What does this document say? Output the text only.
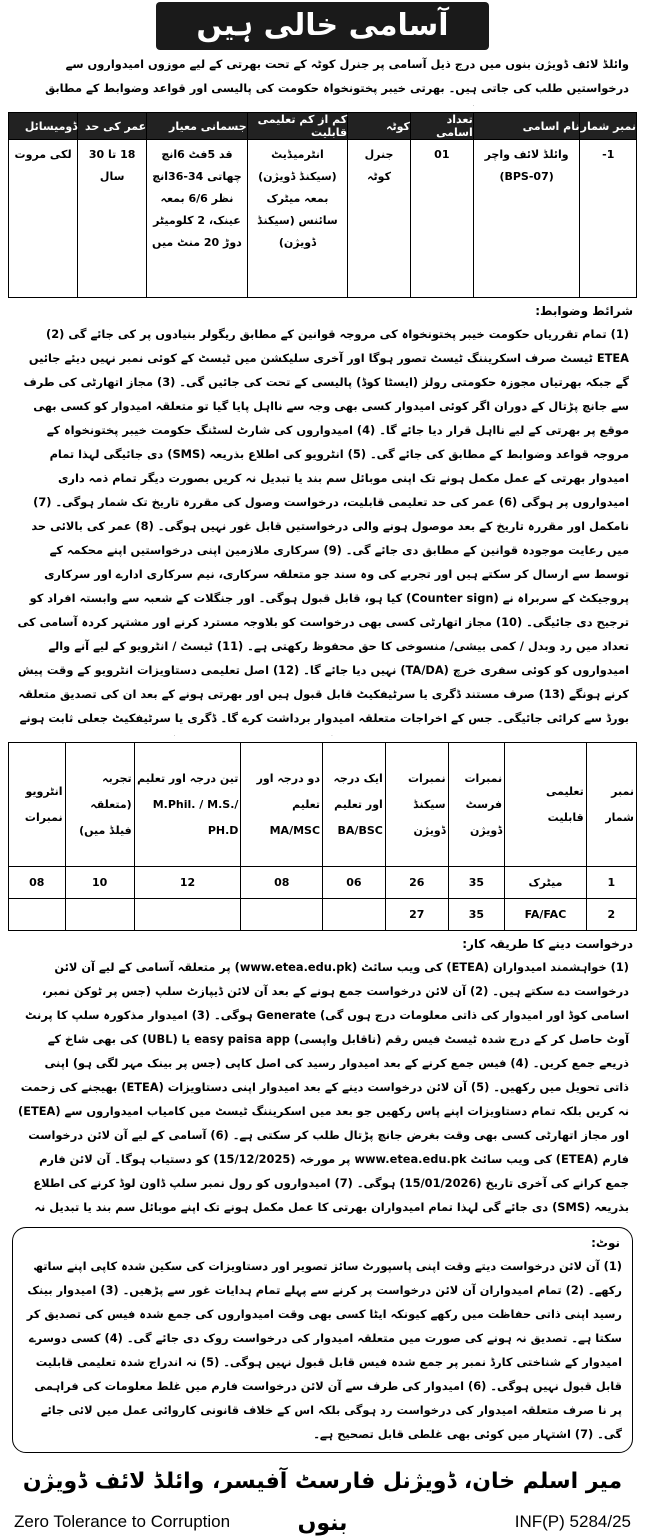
آسامی خالی ہیں
وائلڈ لائف ڈویژن بنوں میں درج ذیل آسامی پر جنرل کوٹہ کے تحت بھرتی کے لیے موزوں امیدواروں سے درخواستیں طلب کی جاتی ہیں۔ بھرتی خیبر پختونخواہ حکومت کی پالیسی اور قواعد وضوابط کے مطابق
نمبر شمار	نام اسامی	تعداد اسامی	کوٹہ	کم از کم تعلیمی قابلیت	جسمانی معیار	عمر کی حد	ڈومیسائل
1-	وائلڈ لائف واچر (BPS-07)	01	جنرل کوٹہ	انٹرمیڈیٹ (سیکنڈ ڈویژن) بمعہ میٹرک سائنس (سیکنڈ ڈویژن)	قد 5فٹ 6انچ چھاتی 34-36انچ نظر 6/6 بمعہ عینک، 2 کلومیٹر دوڑ 20 منٹ میں	18 تا 30 سال	لکی مروت
شرائط وضوابط:
(1) تمام تقرریاں حکومت خیبر پختونخواہ کی مروجہ قوانین کے مطابق ریگولر بنیادوں پر کی جائے گی (2) ETEA ٹیسٹ صرف اسکریننگ ٹیسٹ تصور ہوگا اور آخری سلیکشن میں ٹیسٹ کے کوئی نمبر نہیں دیئے جائیں گے جبکہ بھرتیاں مجوزہ حکومتی رولز (ایسٹا کوڈ) پالیسی کے تحت کی جائیں گی۔ (3) مجاز اتھارٹی کی طرف سے جانچ پڑتال کے دوران اگر کوئی امیدوار کسی بھی وجہ سے نااہل پایا گیا تو متعلقہ امیدوار کو کسی بھی موقع پر بھرتی کے لیے نااہل قرار دیا جائے گا۔ (4) امیدواروں کی شارٹ لسٹنگ حکومت خیبر پختونخواہ کے مروجہ قواعد وضوابط کے مطابق کی جائے گی۔ (5) انٹرویو کی اطلاع بذریعہ (SMS) دی جائیگی لہذا تمام امیدوار بھرتی کے عمل مکمل ہونے تک اپنی موبائل سم بند یا تبدیل نہ کریں بصورت دیگر تمام ذمہ داری امیدواروں پر ہوگی (6) عمر کی حد تعلیمی قابلیت، درخواست وصول کی مقررہ تاریخ تک شمار ہوگی۔ (7) نامکمل اور مقررہ تاریخ کے بعد موصول ہونے والی درخواستیں قابل غور نہیں ہوگی۔ (8) عمر کی بالائی حد میں رعایت موجودہ قوانین کے مطابق دی جائے گی۔ (9) سرکاری ملازمین اپنی درخواستیں اپنے محکمہ کے توسط سے ارسال کر سکتے ہیں اور تجربے کی وہ سند جو متعلقہ سرکاری، نیم سرکاری ادارے اور سرکاری پروجیکٹ کے سربراہ نے (Counter sign) کیا ہو، قابل قبول ہوگی۔ اور جنگلات کے شعبہ سے وابستہ افراد کو ترجیح دی جائیگی۔ (10) مجاز اتھارٹی کسی بھی درخواست کو بلاوجہ مسترد کرنے اور مشتہر کردہ آسامی کی تعداد میں رد وبدل / کمی بیشی/ منسوخی کا حق محفوظ رکھتی ہے۔ (11) ٹیسٹ / انٹرویو کے لیے آنے والے امیدواروں کو کوئی سفری خرچ (TA/DA) نہیں دیا جائے گا۔ (12) اصل تعلیمی دستاویزات انٹرویو کے وقت پیش کرنے ہونگے (13) صرف مستند ڈگری یا سرٹیفکیٹ قابل قبول ہیں اور بھرتی ہونے کے بعد ان کی تصدیق متعلقہ بورڈ سے کرائی جائیگی۔ جس کے اخراجات متعلقہ امیدوار برداشت کرے گا۔ ڈگری یا سرٹیفکیٹ جعلی ثابت ہونے
نمبر شمار	تعلیمی قابلیت	نمبرات فرسٹ ڈویژن	نمبرات سیکنڈ ڈویژن	ایک درجہ اور تعلیم BA/BSC	دو درجہ اور تعلیم MA/MSC	تین درجہ اور تعلیم M.Phil. / M.S./ PH.D	تجربہ (متعلقہ فیلڈ میں)	انٹرویو نمبرات
1	میٹرک	35	26	06	08	12	10	08
2	FA/FAC	35	27					
درخواست دینے کا طریقہ کار:
(1) خواہشمند امیدواران (ETEA) کی ویب سائٹ (www.etea.edu.pk) پر متعلقہ آسامی کے لیے آن لائن درخواست دے سکتے ہیں۔ (2) آن لائن درخواست جمع ہونے کے بعد آن لائن ڈیپازٹ سلپ (جس پر ٹوکن نمبر، اسامی کوڈ اور امیدوار کی ذاتی معلومات درج ہوں گی) Generate ہوگی۔ (3) امیدوار مذکورہ سلپ کا پرنٹ آوٹ حاصل کر کے درج شدہ ٹیسٹ فیس رقم (ناقابل واپسی) easy paisa app یا (UBL) کی بھی شاخ کے ذریعے جمع کریں۔ (4) فیس جمع کرنے کے بعد امیدوار رسید کی اصل کاپی (جس پر بینک مہر لگی ہو) اپنی ذاتی تحویل میں رکھیں۔ (5) آن لائن درخواست دینے کے بعد امیدوار اپنی دستاویزات (ETEA) بھیجنے کی زحمت نہ کریں بلکہ تمام دستاویزات اپنے پاس رکھیں جو بعد میں اسکریننگ ٹیسٹ میں کامیاب امیدواروں سے (ETEA) اور مجاز اتھارٹی کسی بھی وقت بغرض جانچ پڑتال طلب کر سکتی ہے۔ (6) آسامی کے لیے آن لائن درخواست فارم (ETEA) کی ویب سائٹ www.etea.edu.pk پر مورخہ (15/12/2025) کو دستیاب ہوگا۔ آن لائن فارم جمع کرانے کی آخری تاریخ (15/01/2026) ہوگی۔ (7) امیدواروں کو رول نمبر سلپ ڈاون لوڈ کرنے کی اطلاع بذریعہ (SMS) دی جائے گی لہذا تمام امیدواران بھرتی کا عمل مکمل ہونے تک اپنے موبائل سم بند یا تبدیل نہ
نوٹ:
(1) آن لائن درخواست دیتے وقت اپنی پاسپورٹ سائز تصویر اور دستاویزات کی سکین شدہ کاپی اپنے ساتھ رکھے۔ (2) تمام امیدواران آن لائن درخواست پر کرنے سے پہلے تمام ہدایات غور سے پڑھیں۔ (3) امیدوار بینک رسید اپنی ذاتی حفاظت میں رکھے کیونکہ ایٹا کسی بھی وقت امیدواروں کی جمع شدہ فیس کی تصدیق کر سکتا ہے۔ تصدیق نہ ہونے کی صورت میں متعلقہ امیدوار کی درخواست روک دی جائے گی۔ (4) کسی دوسرے امیدوار کے شناختی کارڈ نمبر پر جمع شدہ فیس قابل قبول نہیں ہوگی۔ (5) نہ اندراج شدہ تعلیمی قابلیت قابل قبول نہیں ہوگی۔ (6) امیدوار کی طرف سے آن لائن درخواست فارم میں غلط معلومات کی فراہمی پر نا صرف متعلقہ امیدوار کی درخواست رد ہوگی بلکہ اس کے خلاف قانونی کاروائی عمل میں لائی جائے گی۔ (7) اشتہار میں کوئی بھی غلطی قابل تصحیح ہے۔
میر اسلم خان، ڈویژنل فارسٹ آفیسر، وائلڈ لائف ڈویژن بنوں
Zero Tolerance to Corruption	INF(P) 5284/25
